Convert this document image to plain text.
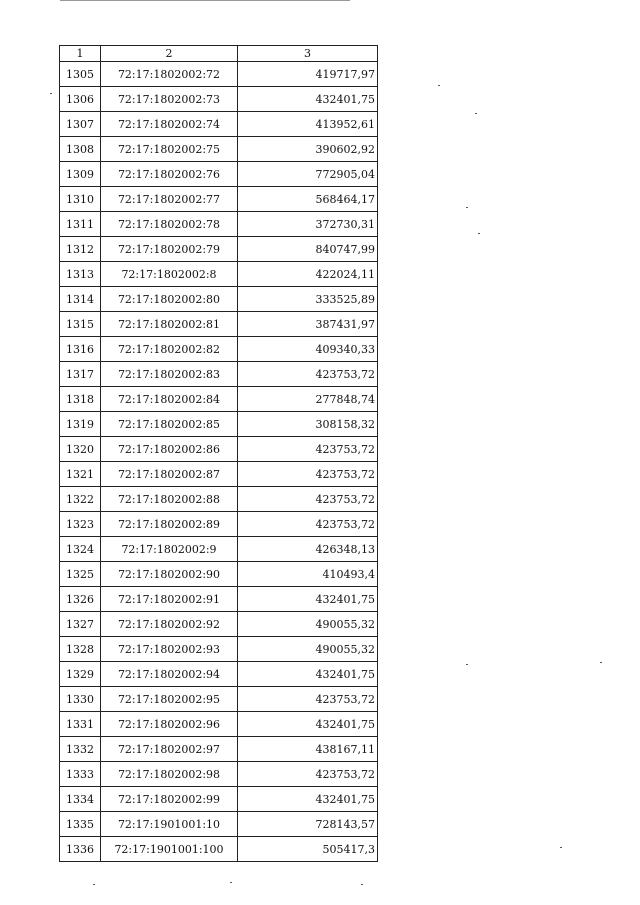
1	2	3
1305	72:17:1802002:72	419717,97
1306	72:17:1802002:73	432401,75
1307	72:17:1802002:74	413952,61
1308	72:17:1802002:75	390602,92
1309	72:17:1802002:76	772905,04
1310	72:17:1802002:77	568464,17
1311	72:17:1802002:78	372730,31
1312	72:17:1802002:79	840747,99
1313	72:17:1802002:8	422024,11
1314	72:17:1802002:80	333525,89
1315	72:17:1802002:81	387431,97
1316	72:17:1802002:82	409340,33
1317	72:17:1802002:83	423753,72
1318	72:17:1802002:84	277848,74
1319	72:17:1802002:85	308158,32
1320	72:17:1802002:86	423753,72
1321	72:17:1802002:87	423753,72
1322	72:17:1802002:88	423753,72
1323	72:17:1802002:89	423753,72
1324	72:17:1802002:9	426348,13
1325	72:17:1802002:90	410493,4
1326	72:17:1802002:91	432401,75
1327	72:17:1802002:92	490055,32
1328	72:17:1802002:93	490055,32
1329	72:17:1802002:94	432401,75
1330	72:17:1802002:95	423753,72
1331	72:17:1802002:96	432401,75
1332	72:17:1802002:97	438167,11
1333	72:17:1802002:98	423753,72
1334	72:17:1802002:99	432401,75
1335	72:17:1901001:10	728143,57
1336	72:17:1901001:100	505417,3
